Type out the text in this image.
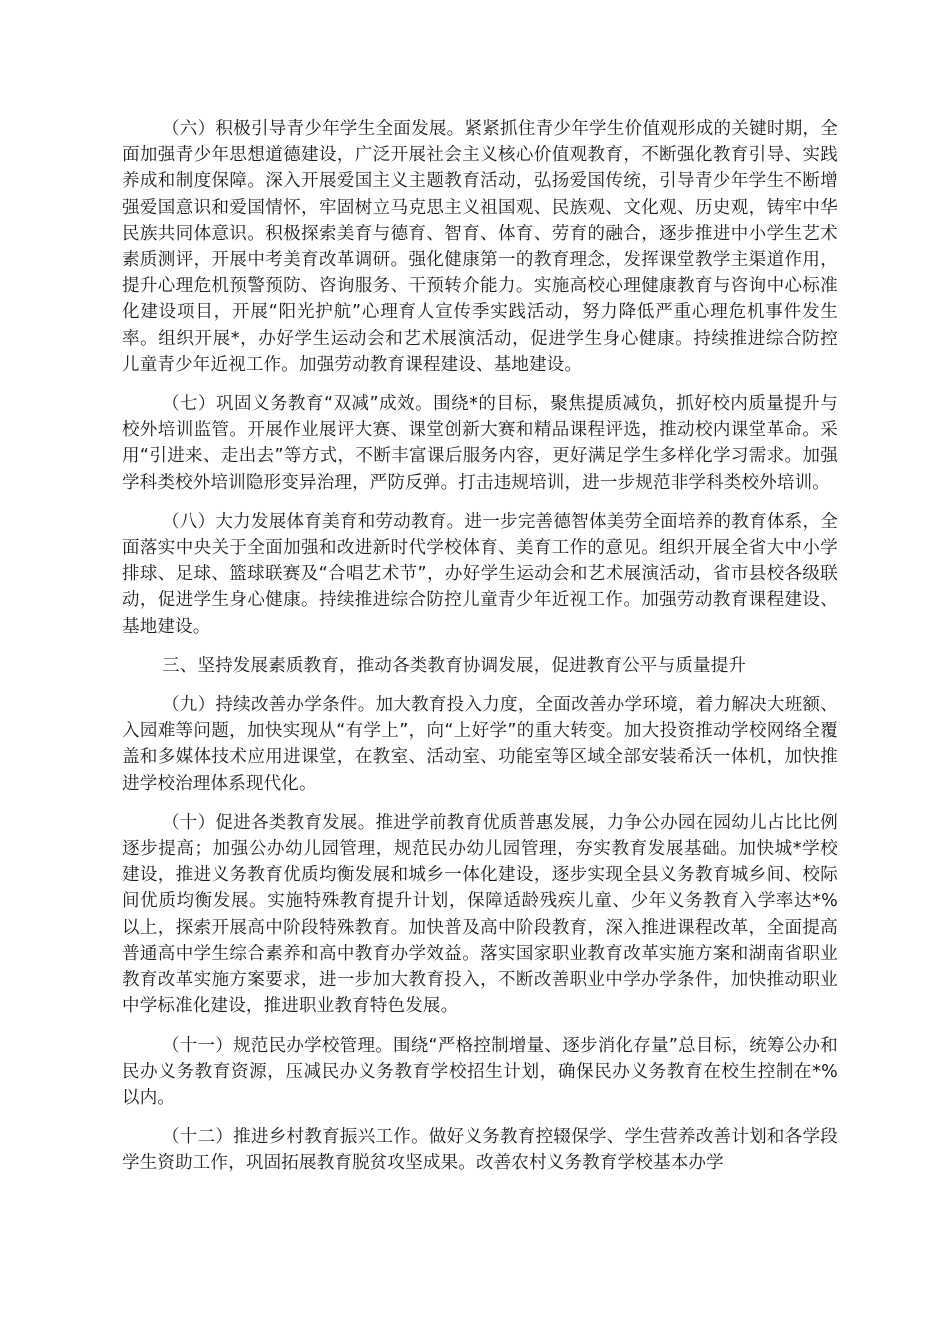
（六）积极引导青少年学生全面发展。紧紧抓住青少年学生价值观形成的关键时期，全面加强青少年思想道德建设，广泛开展社会主义核心价值观教育，不断强化教育引导、实践养成和制度保障。深入开展爱国主义主题教育活动，弘扬爱国传统，引导青少年学生不断增强爱国意识和爱国情怀，牢固树立马克思主义祖国观、民族观、文化观、历史观，铸牢中华民族共同体意识。积极探索美育与德育、智育、体育、劳育的融合，逐步推进中小学生艺术素质测评，开展中考美育改革调研。强化健康第一的教育理念，发挥课堂教学主渠道作用，提升心理危机预警预防、咨询服务、干预转介能力。实施高校心理健康教育与咨询中心标准化建设项目，开展“阳光护航”心理育人宣传季实践活动，努力降低严重心理危机事件发生率。组织开展*，办好学生运动会和艺术展演活动，促进学生身心健康。持续推进综合防控儿童青少年近视工作。加强劳动教育课程建设、基地建设。

（七）巩固义务教育“双减”成效。围绕*的目标，聚焦提质减负，抓好校内质量提升与校外培训监管。开展作业展评大赛、课堂创新大赛和精品课程评选，推动校内课堂革命。采用“引进来、走出去”等方式，不断丰富课后服务内容，更好满足学生多样化学习需求。加强学科类校外培训隐形变异治理，严防反弹。打击违规培训，进一步规范非学科类校外培训。

（八）大力发展体育美育和劳动教育。进一步完善德智体美劳全面培养的教育体系，全面落实中央关于全面加强和改进新时代学校体育、美育工作的意见。组织开展全省大中小学排球、足球、篮球联赛及“合唱艺术节”，办好学生运动会和艺术展演活动，省市县校各级联动，促进学生身心健康。持续推进综合防控儿童青少年近视工作。加强劳动教育课程建设、基地建设。

三、坚持发展素质教育，推动各类教育协调发展，促进教育公平与质量提升

（九）持续改善办学条件。加大教育投入力度，全面改善办学环境，着力解决大班额、入园难等问题，加快实现从“有学上”，向“上好学”的重大转变。加大投资推动学校网络全覆盖和多媒体技术应用进课堂，在教室、活动室、功能室等区域全部安装希沃一体机，加快推进学校治理体系现代化。

（十）促进各类教育发展。推进学前教育优质普惠发展，力争公办园在园幼儿占比比例逐步提高；加强公办幼儿园管理，规范民办幼儿园管理，夯实教育发展基础。加快城*学校建设，推进义务教育优质均衡发展和城乡一体化建设，逐步实现全县义务教育城乡间、校际间优质均衡发展。实施特殊教育提升计划，保障适龄残疾儿童、少年义务教育入学率达*%以上，探索开展高中阶段特殊教育。加快普及高中阶段教育，深入推进课程改革，全面提高普通高中学生综合素养和高中教育办学效益。落实国家职业教育改革实施方案和湖南省职业教育改革实施方案要求，进一步加大教育投入，不断改善职业中学办学条件，加快推动职业中学标准化建设，推进职业教育特色发展。

（十一）规范民办学校管理。围绕“严格控制增量、逐步消化存量”总目标，统筹公办和民办义务教育资源，压减民办义务教育学校招生计划，确保民办义务教育在校生控制在*%以内。

（十二）推进乡村教育振兴工作。做好义务教育控辍保学、学生营养改善计划和各学段学生资助工作，巩固拓展教育脱贫攻坚成果。改善农村义务教育学校基本办学
